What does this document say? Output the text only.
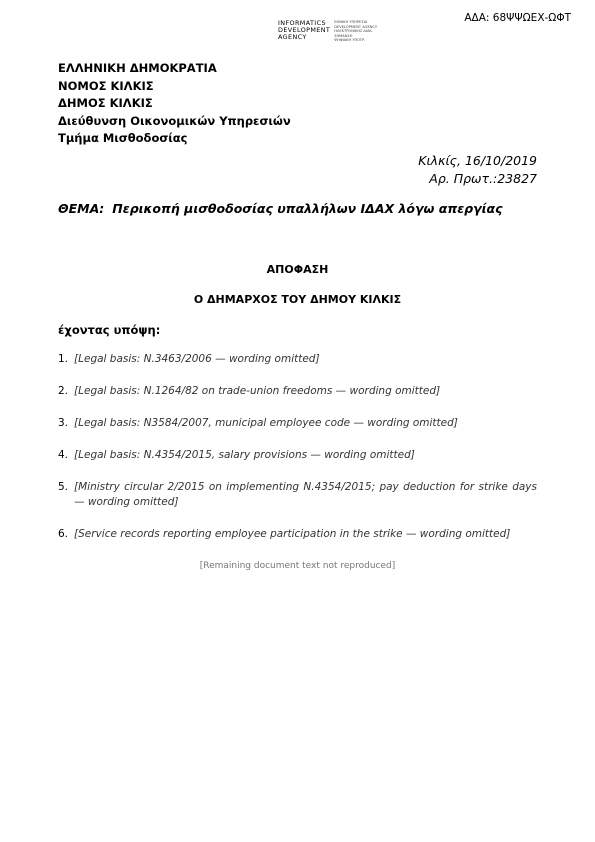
ΑΔΑ: 68ΨΨΩΕΧ-ΩΦΤ
INFORMATICS
DEVELOPMENT
AGENCY
ΕΘΝΙΚΗ ΥΠΗΡΕΣΙΑ
DEVELOPMENT AGENCY
ΗΛΕΚΤΡΟΝΙΚΗΣ ΔΙΑΚ.
ΣΗΜΑΝΣΗ
ΨΗΦΙΑΚΗ ΥΠΟΓΡ.
ΕΛΛΗΝΙΚΗ ΔΗΜΟΚΡΑΤΙΑ
ΝΟΜΟΣ ΚΙΛΚΙΣ
ΔΗΜΟΣ ΚΙΛΚΙΣ
Διεύθυνση Οικονομικών Υπηρεσιών
Τμήμα Μισθοδοσίας
Κιλκίς, 16/10/2019
Αρ. Πρωτ.:23827
ΘΕΜΑ: Περικοπή μισθοδοσίας υπαλλήλων ΙΔΑΧ λόγω απεργίας
ΑΠΟΦΑΣΗ
Ο ΔΗΜΑΡΧΟΣ ΤΟΥ ΔΗΜΟΥ ΚΙΛΚΙΣ
έχοντας υπόψη:
1. [Legal basis: Ν.3463/2006 — wording omitted]
2. [Legal basis: Ν.1264/82 on trade-union freedoms — wording omitted]
3. [Legal basis: Ν3584/2007, municipal employee code — wording omitted]
4. [Legal basis: Ν.4354/2015, salary provisions — wording omitted]
5. [Ministry circular 2/2015 on implementing Ν.4354/2015; pay deduction for strike days — wording omitted]
6. [Service records reporting employee participation in the strike — wording omitted]
[Remaining document text not reproduced]
